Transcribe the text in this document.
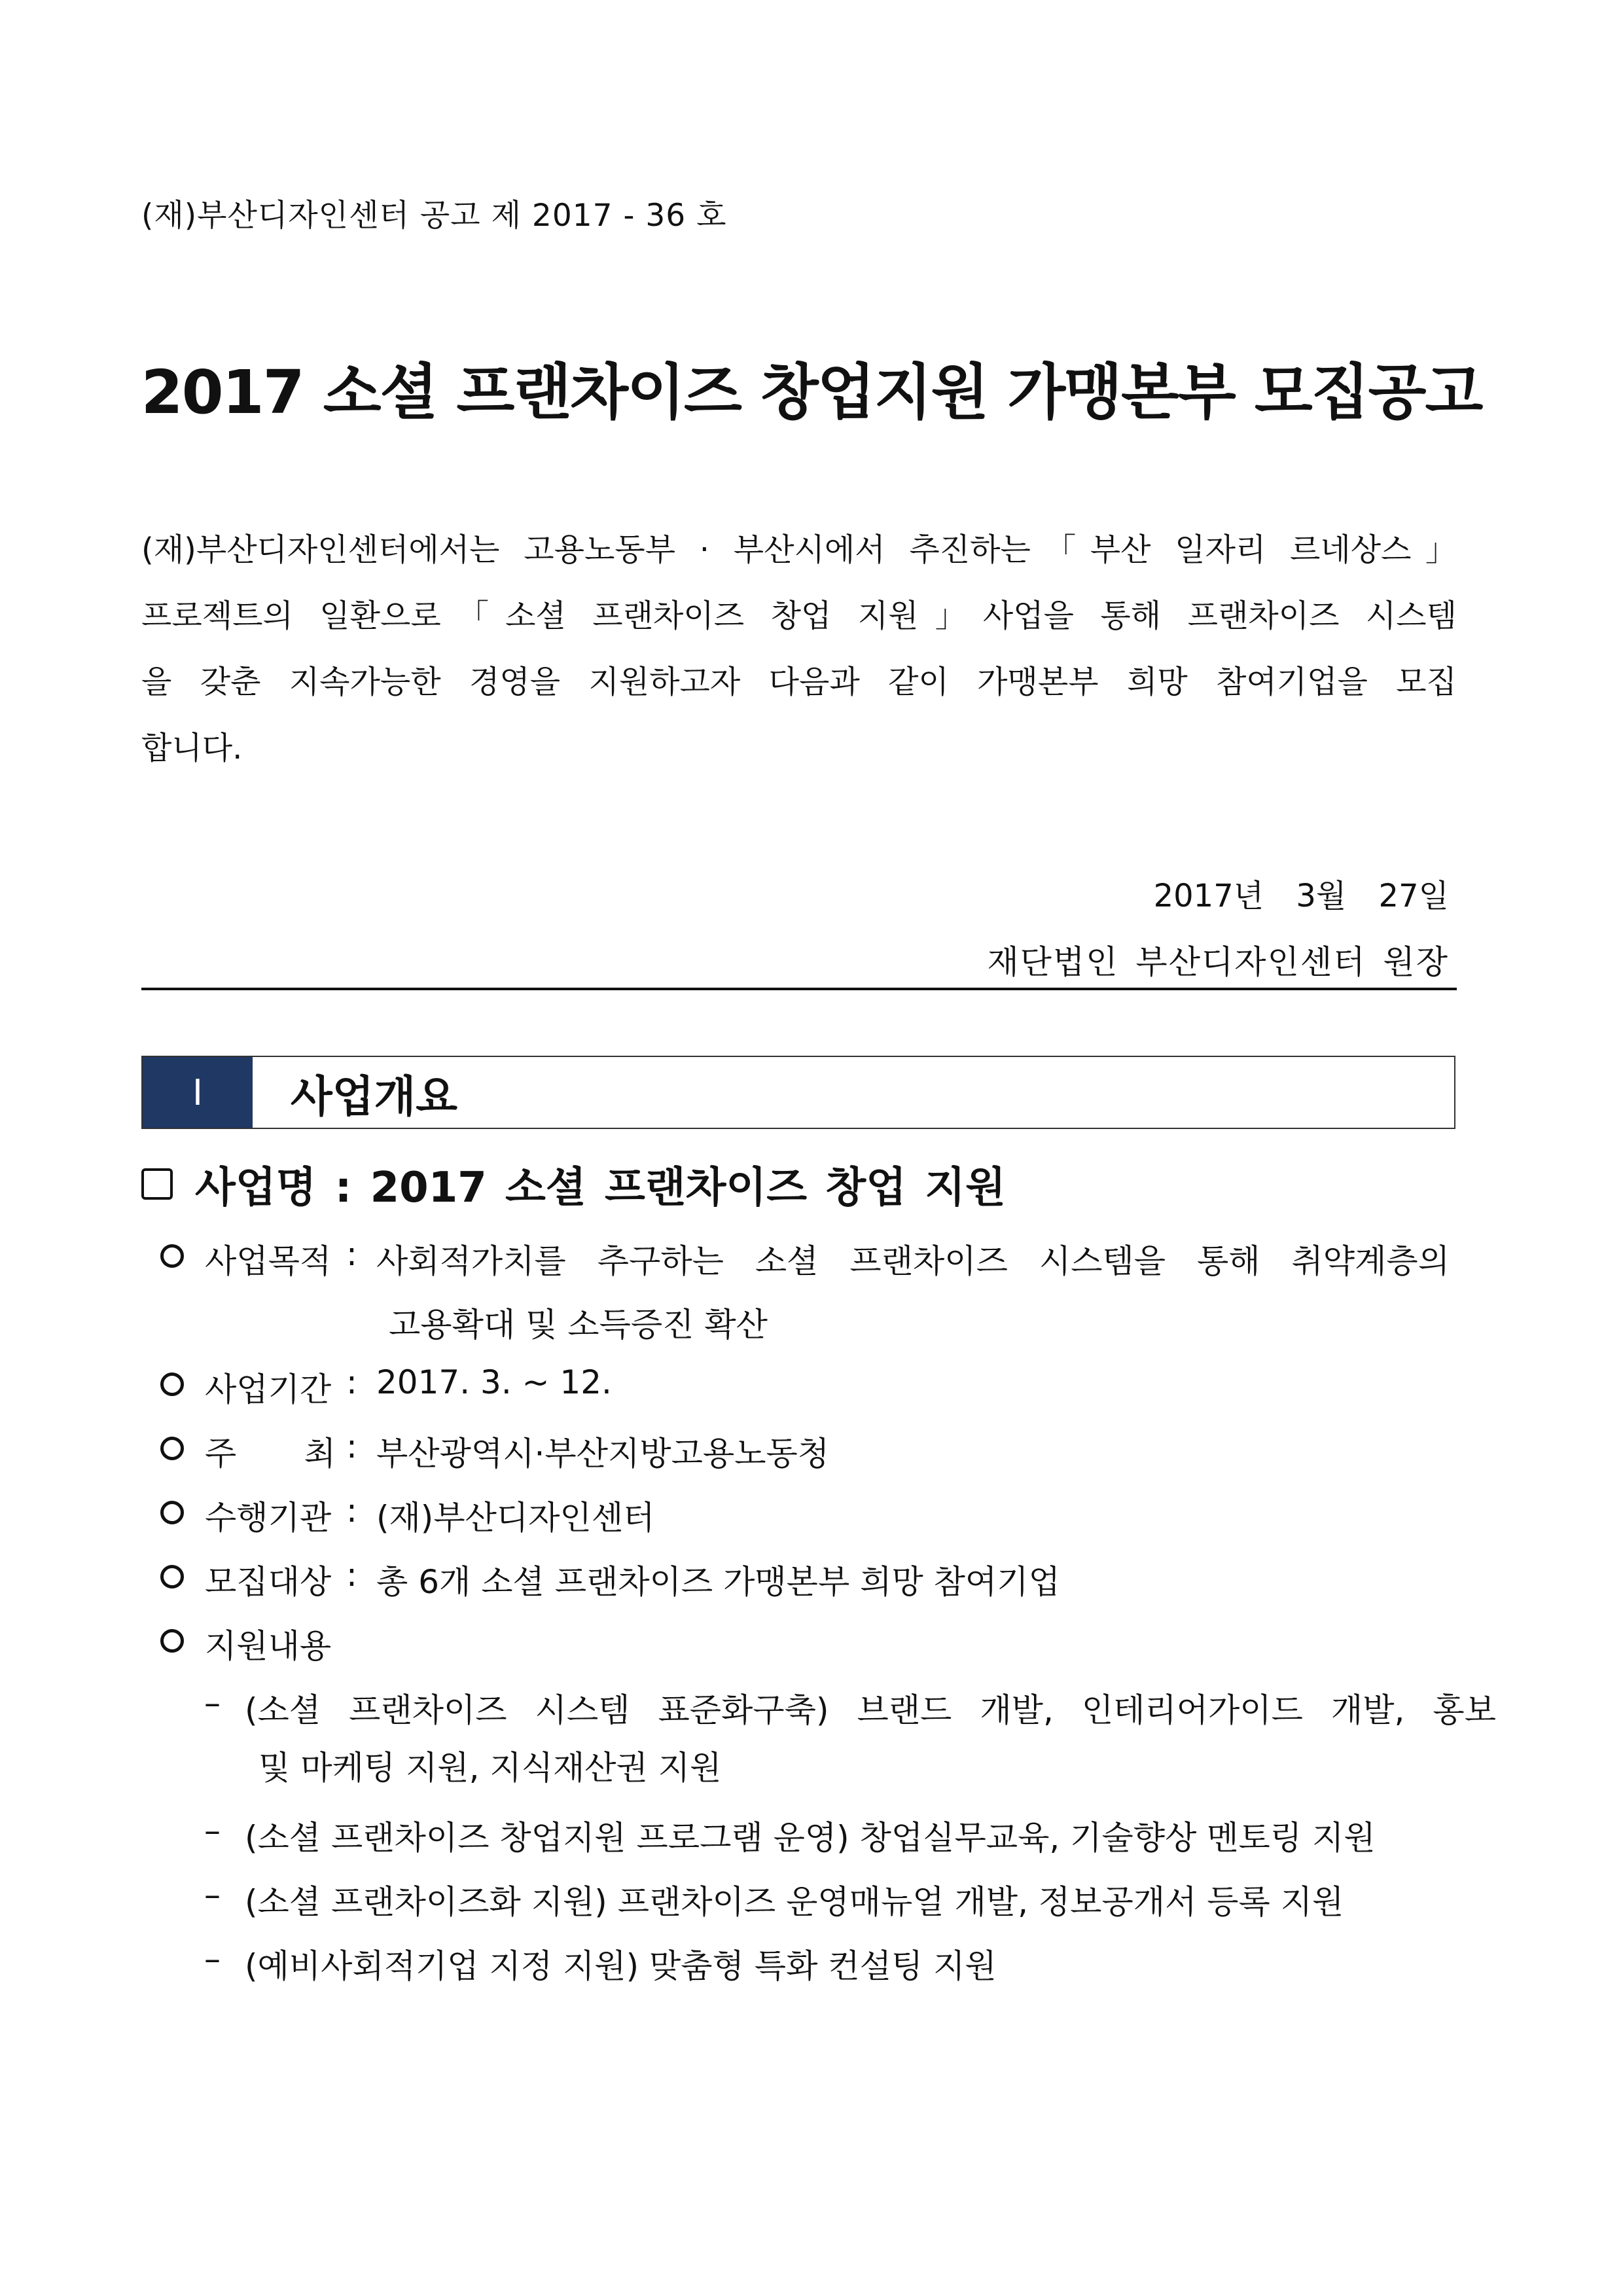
(재)부산디자인센터 공고 제 2017 - 36 호
2017 소셜 프랜차이즈 창업지원 가맹본부 모집공고
(재)부산디자인센터에서는 고용노동부 · 부산시에서 추진하는「부산 일자리 르네상스」
프로젝트의 일환으로「소셜 프랜차이즈 창업 지원」사업을 통해 프랜차이즈 시스템
을 갖춘 지속가능한 경영을 지원하고자 다음과 같이 가맹본부 희망 참여기업을 모집
합니다.
2017년 3월 27일
재단법인 부산디자인센터 원장
Ⅰ	사업개요
사업명 : 2017 소셜 프랜차이즈 창업 지원
사업목적 : 사회적가치를 추구하는 소셜 프랜차이즈 시스템을 통해 취약계층의
고용확대 및 소득증진 확산
사업기간 : 2017. 3. ~ 12.
주 최 : 부산광역시·부산지방고용노동청
수행기관 : (재)부산디자인센터
모집대상 : 총 6개 소셜 프랜차이즈 가맹본부 희망 참여기업
지원내용
– (소셜 프랜차이즈 시스템 표준화구축) 브랜드 개발, 인테리어가이드 개발, 홍보
및 마케팅 지원, 지식재산권 지원
– (소셜 프랜차이즈 창업지원 프로그램 운영) 창업실무교육, 기술향상 멘토링 지원
– (소셜 프랜차이즈화 지원) 프랜차이즈 운영매뉴얼 개발, 정보공개서 등록 지원
– (예비사회적기업 지정 지원) 맞춤형 특화 컨설팅 지원
